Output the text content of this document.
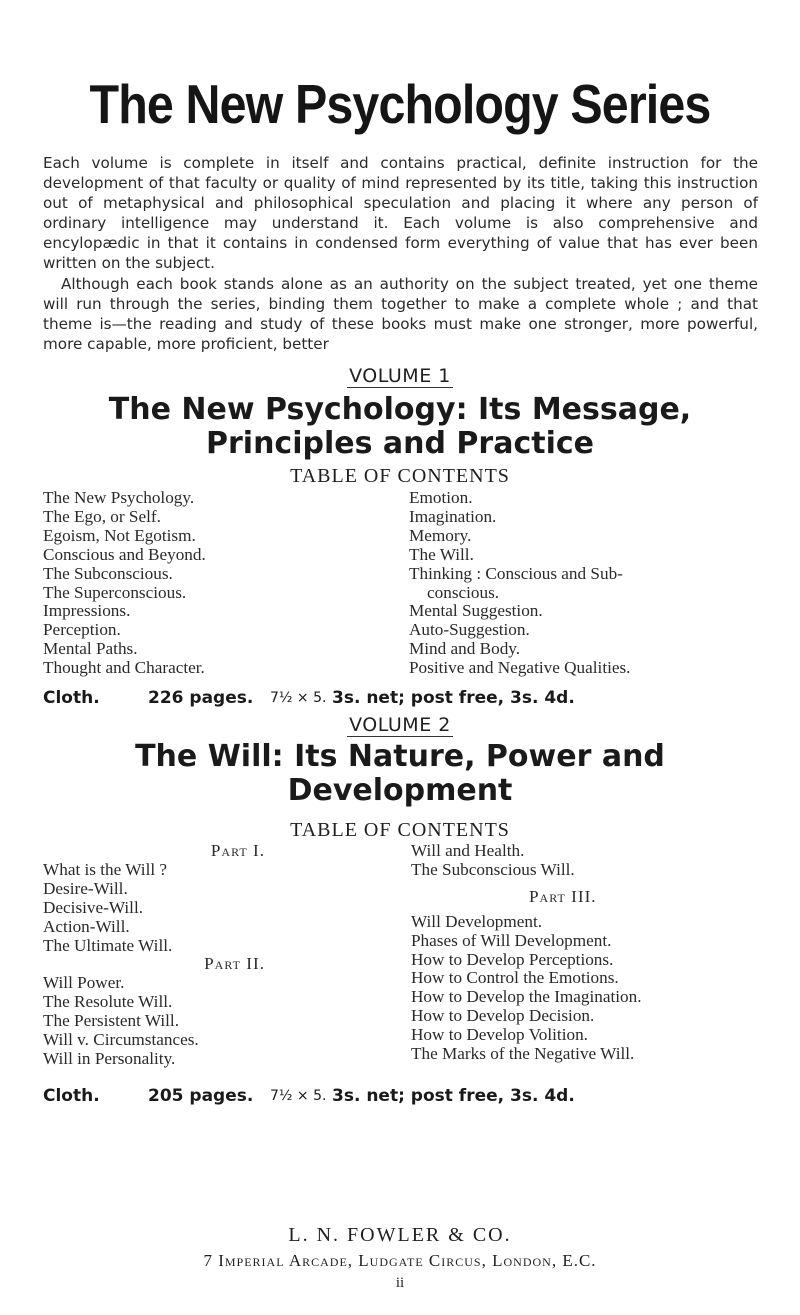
The New Psychology Series

Each volume is complete in itself and contains practical, definite instruction for the development of that faculty or quality of mind represented by its title, taking this instruction out of metaphysical and philosophical speculation and placing it where any person of ordinary intelligence may understand it. Each volume is also comprehensive and encylopædic in that it contains in condensed form everything of value that has ever been written on the subject.

Although each book stands alone as an authority on the subject treated, yet one theme will run through the series, binding them together to make a complete whole ; and that theme is—the reading and study of these books must make one stronger, more powerful, more capable, more proficient, better

VOLUME 1
The New Psychology: Its Message,
Principles and Practice
TABLE OF CONTENTS
The New Psychology.
The Ego, or Self.
Egoism, Not Egotism.
Conscious and Beyond.
The Subconscious.
The Superconscious.
Impressions.
Perception.
Mental Paths.
Thought and Character.
Emotion.
Imagination.
Memory.
The Will.
Thinking : Conscious and Sub-
conscious.
Mental Suggestion.
Auto-Suggestion.
Mind and Body.
Positive and Negative Qualities.
Cloth.	226 pages. 7½ × 5. 3s. net; post free, 3s. 4d.
VOLUME 2
The Will: Its Nature, Power and
Development
TABLE OF CONTENTS
Part I.
What is the Will ?
Desire-Will.
Decisive-Will.
Action-Will.
The Ultimate Will.
Part II.
Will Power.
The Resolute Will.
The Persistent Will.
Will v. Circumstances.
Will in Personality.
Will and Health.
The Subconscious Will.
Part III.
Will Development.
Phases of Will Development.
How to Develop Perceptions.
How to Control the Emotions.
How to Develop the Imagination.
How to Develop Decision.
How to Develop Volition.
The Marks of the Negative Will.
Cloth.	205 pages. 7½ × 5. 3s. net; post free, 3s. 4d.
L. N. FOWLER & CO.
7 Imperial Arcade, Ludgate Circus, London, E.C.
ii
